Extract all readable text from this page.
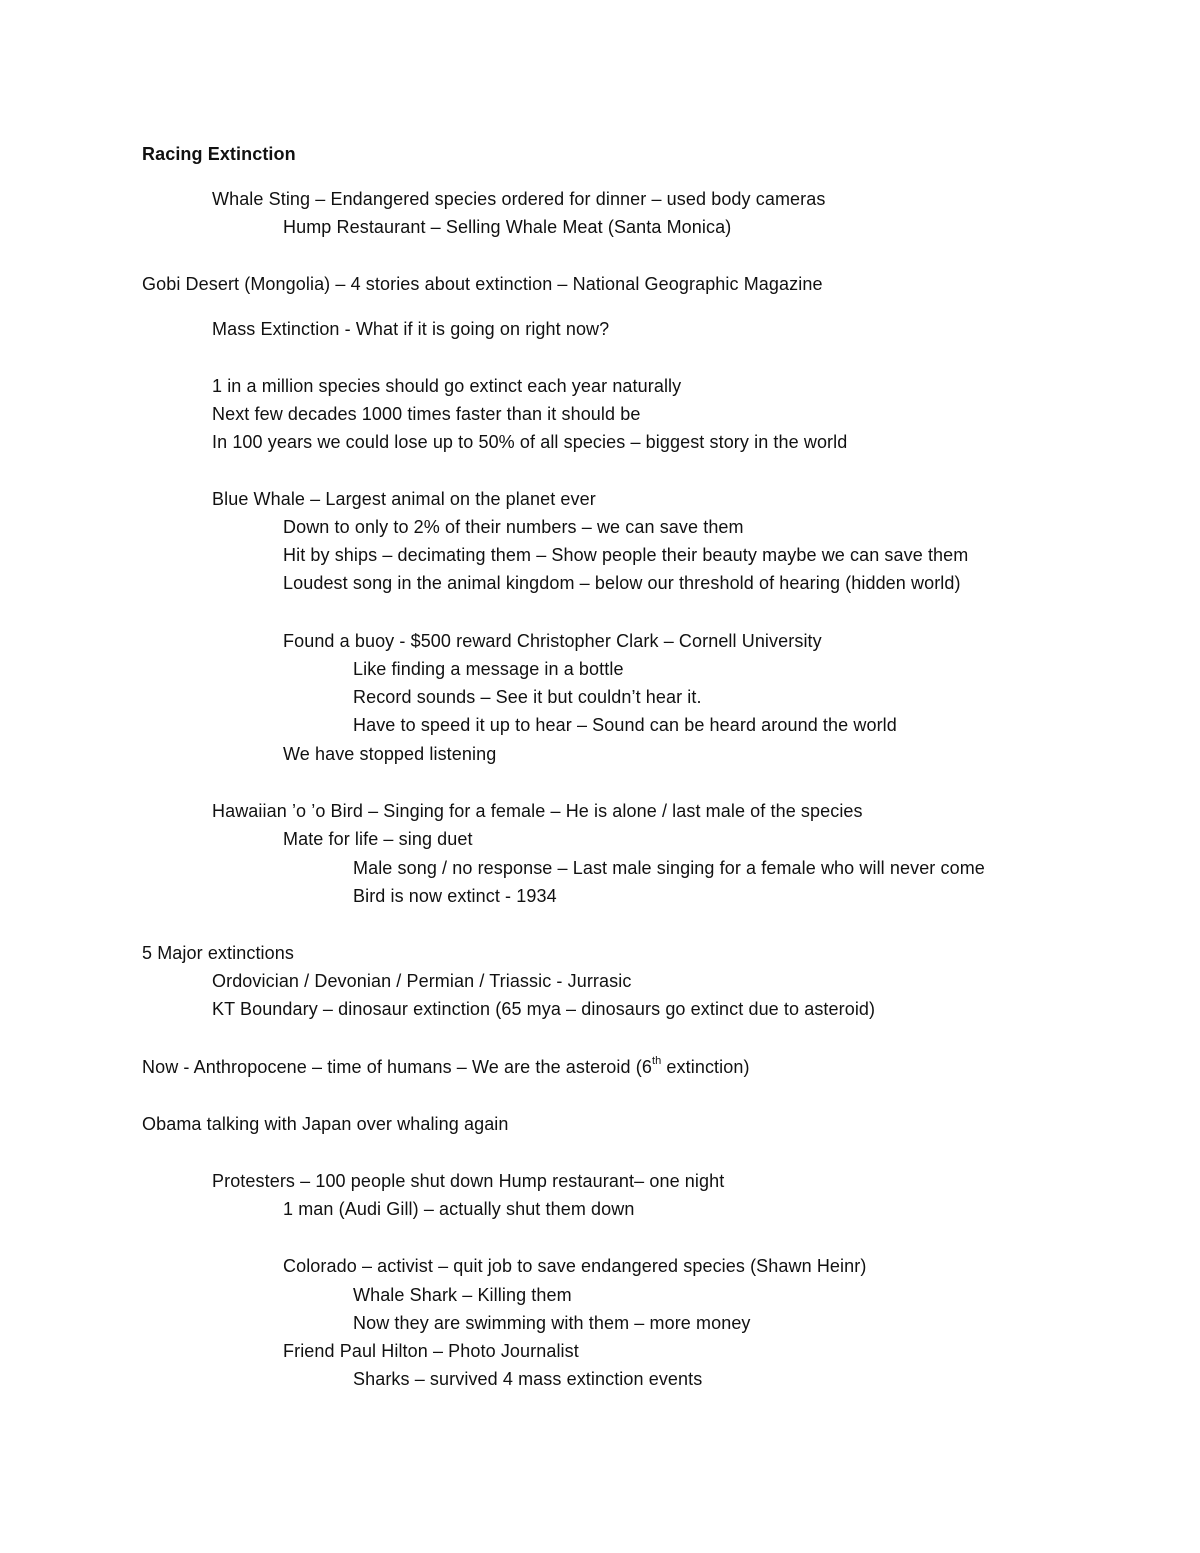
Racing Extinction
Whale Sting – Endangered species ordered for dinner – used body cameras
Hump Restaurant – Selling Whale Meat (Santa Monica)
Gobi Desert (Mongolia) – 4 stories about extinction – National Geographic Magazine
Mass Extinction - What if it is going on right now?
1 in a million species should go extinct each year naturally
Next few decades 1000 times faster than it should be
In 100 years we could lose up to 50% of all species – biggest story in the world
Blue Whale – Largest animal on the planet ever
Down to only to 2% of their numbers – we can save them
Hit by ships – decimating them – Show people their beauty maybe we can save them
Loudest song in the animal kingdom – below our threshold of hearing (hidden world)
Found a buoy - $500 reward Christopher Clark – Cornell University
Like finding a message in a bottle
Record sounds – See it but couldn’t hear it.
Have to speed it up to hear – Sound can be heard around the world
We have stopped listening
Hawaiian ’o ’o Bird – Singing for a female – He is alone / last male of the species
Mate for life – sing duet
Male song / no response – Last male singing for a female who will never come
Bird is now extinct - 1934
5 Major extinctions
Ordovician / Devonian / Permian / Triassic - Jurrasic
KT Boundary – dinosaur extinction (65 mya – dinosaurs go extinct due to asteroid)
Now - Anthropocene – time of humans – We are the asteroid (6th extinction)
Obama talking with Japan over whaling again
Protesters – 100 people shut down Hump restaurant– one night
1 man (Audi Gill) – actually shut them down
Colorado – activist – quit job to save endangered species (Shawn Heinr)
Whale Shark – Killing them
Now they are swimming with them – more money
Friend Paul Hilton – Photo Journalist
Sharks – survived 4 mass extinction events
